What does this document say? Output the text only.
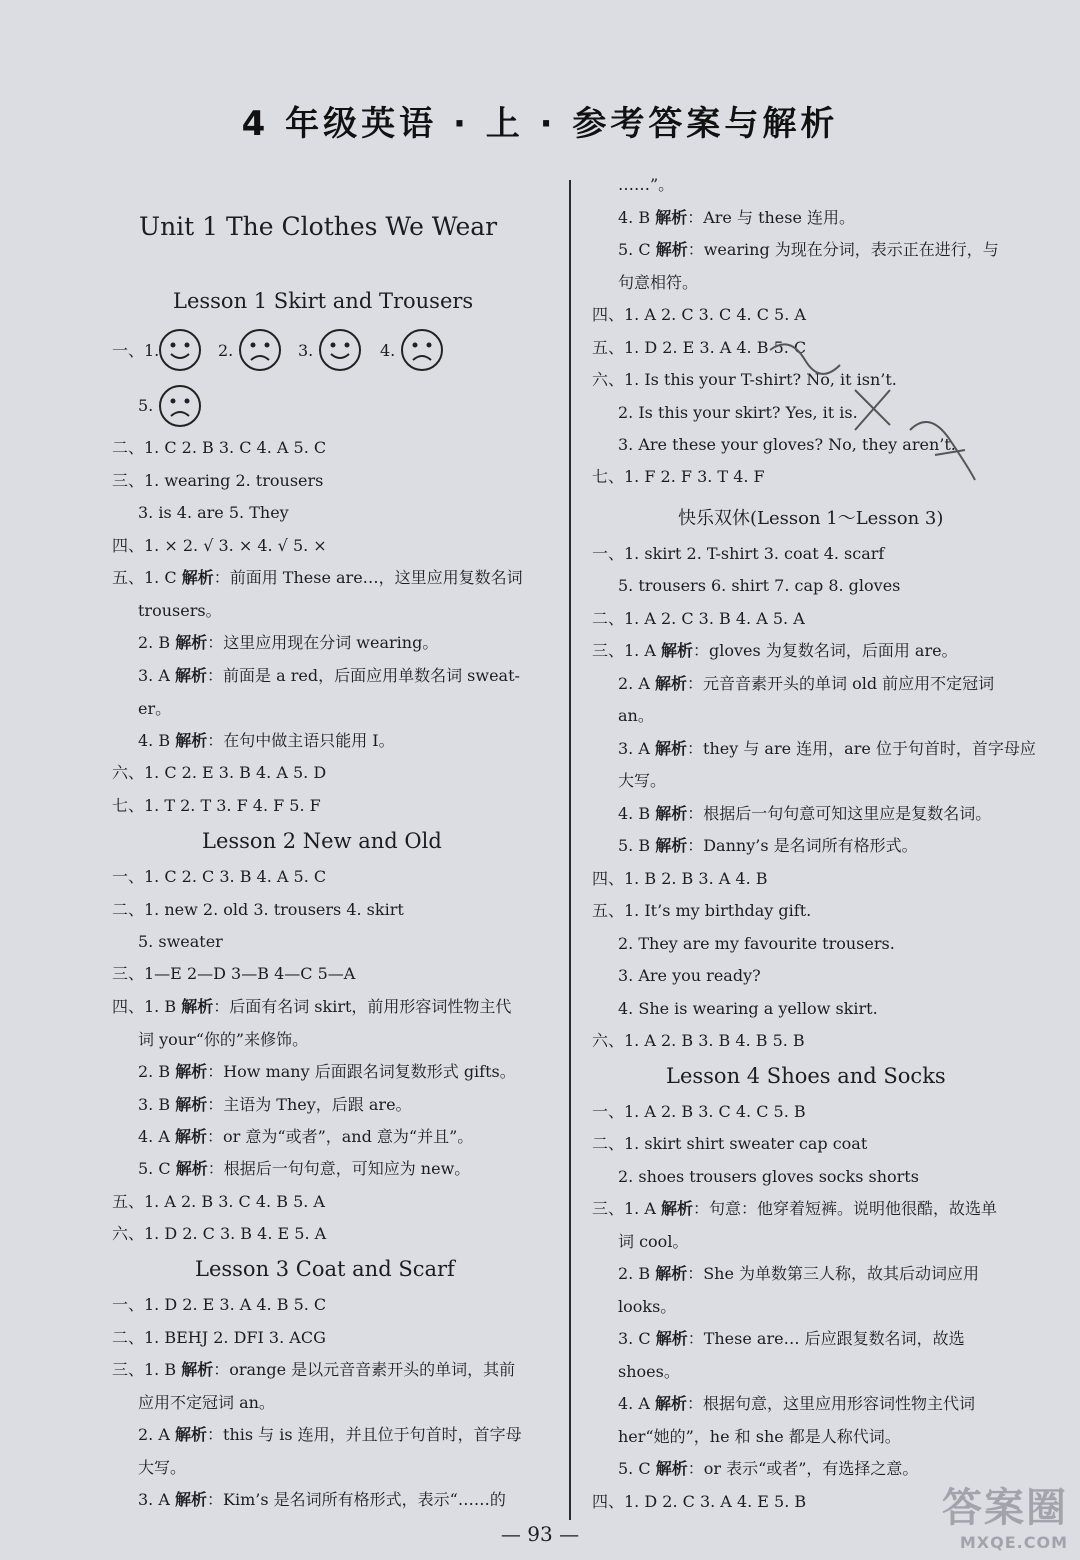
4 年级英语 · 上 · 参考答案与解析
Unit 1 The Clothes We Wear
Lesson 1 Skirt and Trousers
一、1.	2.	3.	4.
5.
二、1. C 2. B 3. C 4. A 5. C
三、1. wearing 2. trousers
3. is 4. are 5. They
四、1. × 2. √ 3. × 4. √ 5. ×
五、1. C 解析：前面用 These are…，这里应用复数名词
trousers。
2. B 解析：这里应用现在分词 wearing。
3. A 解析：前面是 a red，后面应用单数名词 sweat-
er。
4. B 解析：在句中做主语只能用 I。
六、1. C 2. E 3. B 4. A 5. D
七、1. T 2. T 3. F 4. F 5. F
Lesson 2 New and Old
一、1. C 2. C 3. B 4. A 5. C
二、1. new 2. old 3. trousers 4. skirt
5. sweater
三、1—E 2—D 3—B 4—C 5—A
四、1. B 解析：后面有名词 skirt，前用形容词性物主代
词 your“你的”来修饰。
2. B 解析：How many 后面跟名词复数形式 gifts。
3. B 解析：主语为 They，后跟 are。
4. A 解析：or 意为“或者”，and 意为“并且”。
5. C 解析：根据后一句句意，可知应为 new。
五、1. A 2. B 3. C 4. B 5. A
六、1. D 2. C 3. B 4. E 5. A
Lesson 3 Coat and Scarf
一、1. D 2. E 3. A 4. B 5. C
二、1. BEHJ 2. DFI 3. ACG
三、1. B 解析：orange 是以元音音素开头的单词，其前
应用不定冠词 an。
2. A 解析：this 与 is 连用，并且位于句首时，首字母
大写。
3. A 解析：Kim’s 是名词所有格形式，表示“……的
……”。
4. B 解析：Are 与 these 连用。
5. C 解析：wearing 为现在分词，表示正在进行，与
句意相符。
四、1. A 2. C 3. C 4. C 5. A
五、1. D 2. E 3. A 4. B 5. C
六、1. Is this your T-shirt? No, it isn’t.
2. Is this your skirt? Yes, it is.
3. Are these your gloves? No, they aren’t.
七、1. F 2. F 3. T 4. F
快乐双休(Lesson 1～Lesson 3)
一、1. skirt 2. T-shirt 3. coat 4. scarf
5. trousers 6. shirt 7. cap 8. gloves
二、1. A 2. C 3. B 4. A 5. A
三、1. A 解析：gloves 为复数名词，后面用 are。
2. A 解析：元音音素开头的单词 old 前应用不定冠词
an。
3. A 解析：they 与 are 连用，are 位于句首时，首字母应
大写。
4. B 解析：根据后一句句意可知这里应是复数名词。
5. B 解析：Danny’s 是名词所有格形式。
四、1. B 2. B 3. A 4. B
五、1. It’s my birthday gift.
2. They are my favourite trousers.
3. Are you ready?
4. She is wearing a yellow skirt.
六、1. A 2. B 3. B 4. B 5. B
Lesson 4 Shoes and Socks
一、1. A 2. B 3. C 4. C 5. B
二、1. skirt shirt sweater cap coat
2. shoes trousers gloves socks shorts
三、1. A 解析：句意：他穿着短裤。说明他很酷，故选单
词 cool。
2. B 解析：She 为单数第三人称，故其后动词应用
looks。
3. C 解析：These are… 后应跟复数名词，故选
shoes。
4. A 解析：根据句意，这里应用形容词性物主代词
her“她的”，he 和 she 都是人称代词。
5. C 解析：or 表示“或者”，有选择之意。
四、1. D 2. C 3. A 4. E 5. B
— 93 —
答案圈
MXQE.COM
